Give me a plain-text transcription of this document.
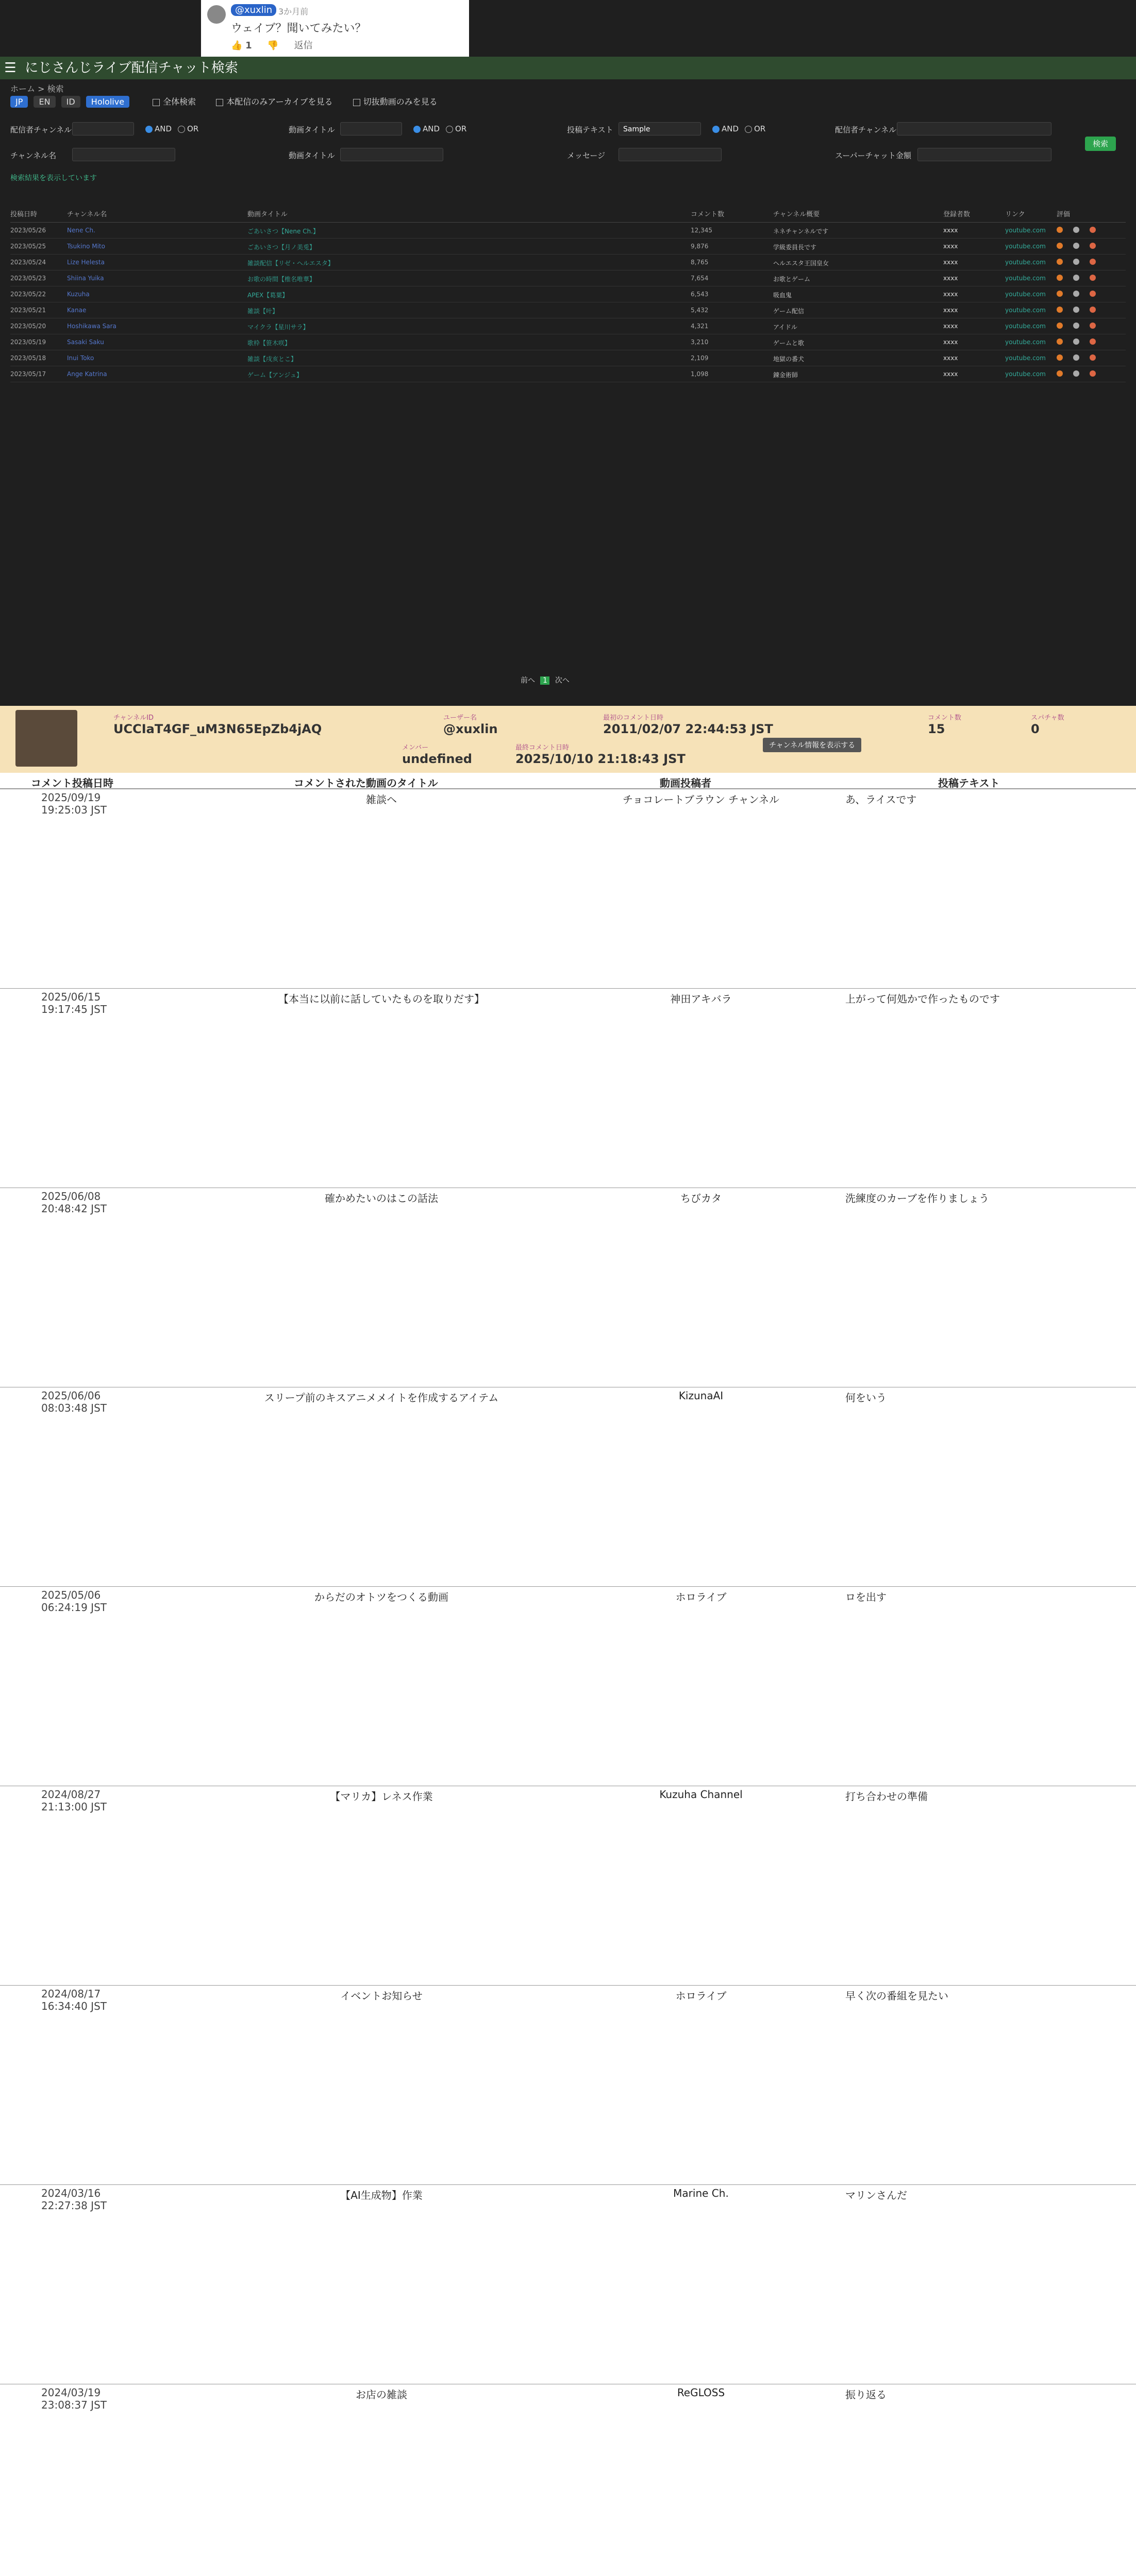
@xuxlin 3か月前
ウェイブ？聞いてみたい？
👍 1 👎 返信
☰ にじさんじライブ配信チャット検索
ホーム > 検索
JP EN ID Hololive	全体検索	本配信のみアーカイブを見る	切抜動画のみを見る
配信者チャンネル	AND OR	動画タイトル	AND OR	投稿テキスト	Sample	AND OR	配信者チャンネル
チャンネル名	動画タイトル	メッセージ	スーパーチャット金額
検索
検索結果を表示しています
投稿日時	チャンネル名	動画タイトル	コメント数	チャンネル概要	登録者数	リンク	評価
2023/05/26	Nene Ch.	ごあいさつ【Nene Ch.】	12,345	ネネチャンネルです	xxxx	youtube.com
2023/05/25	Tsukino Mito	ごあいさつ【月ノ美兎】	9,876	学級委員長です	xxxx	youtube.com
2023/05/24	Lize Helesta	雑談配信【リゼ・ヘルエスタ】	8,765	ヘルエスタ王国皇女	xxxx	youtube.com
2023/05/23	Shiina Yuika	お歌の時間【椎名唯華】	7,654	お歌とゲーム	xxxx	youtube.com
2023/05/22	Kuzuha	APEX【葛葉】	6,543	吸血鬼	xxxx	youtube.com
2023/05/21	Kanae	雑談【叶】	5,432	ゲーム配信	xxxx	youtube.com
2023/05/20	Hoshikawa Sara	マイクラ【星川サラ】	4,321	アイドル	xxxx	youtube.com
2023/05/19	Sasaki Saku	歌枠【笹木咲】	3,210	ゲームと歌	xxxx	youtube.com
2023/05/18	Inui Toko	雑談【戌亥とこ】	2,109	地獄の番犬	xxxx	youtube.com
2023/05/17	Ange Katrina	ゲーム【アンジュ】	1,098	錬金術師	xxxx	youtube.com
前へ 1 次へ
チャンネルID
UCCIaT4GF_uM3N65EpZb4jAQ
ユーザー名
@xuxlin
最初のコメント日時
2011/02/07 22:44:53 JST
コメント数
15
スパチャ数
0
メンバー
undefined
最終コメント日時
2025/10/10 21:18:43 JST
チャンネル情報を表示する
コメント投稿日時	コメントされた動画のタイトル	動画投稿者	投稿テキスト
2025/09/19 19:25:03 JST
雑談ヘ	チョコレートブラウン チャンネル	あ、ライスです
2025/06/15 19:17:45 JST
【本当に以前に話していたものを取りだす】	神田アキバラ	上がって何処かで作ったものです
2025/06/08 20:48:42 JST
確かめたいのはこの話法	ちびカタ	洗練度のカーブを作りましょう
2025/06/06 08:03:48 JST
スリープ前のキスアニメメイトを作成するアイテム	KizunaAI	何をいう
2025/05/06 06:24:19 JST
からだのオトツをつくる動画	ホロライブ	ロを出す
2024/08/27 21:13:00 JST
【マリカ】レネス作業	Kuzuha Channel	打ち合わせの準備
2024/08/17 16:34:40 JST
イベントお知らせ	ホロライブ	早く次の番組を見たい
2024/03/16 22:27:38 JST
【AI生成物】作業	Marine Ch.	マリンさんだ
2024/03/19 23:08:37 JST
お店の雑談	ReGLOSS	振り返る
